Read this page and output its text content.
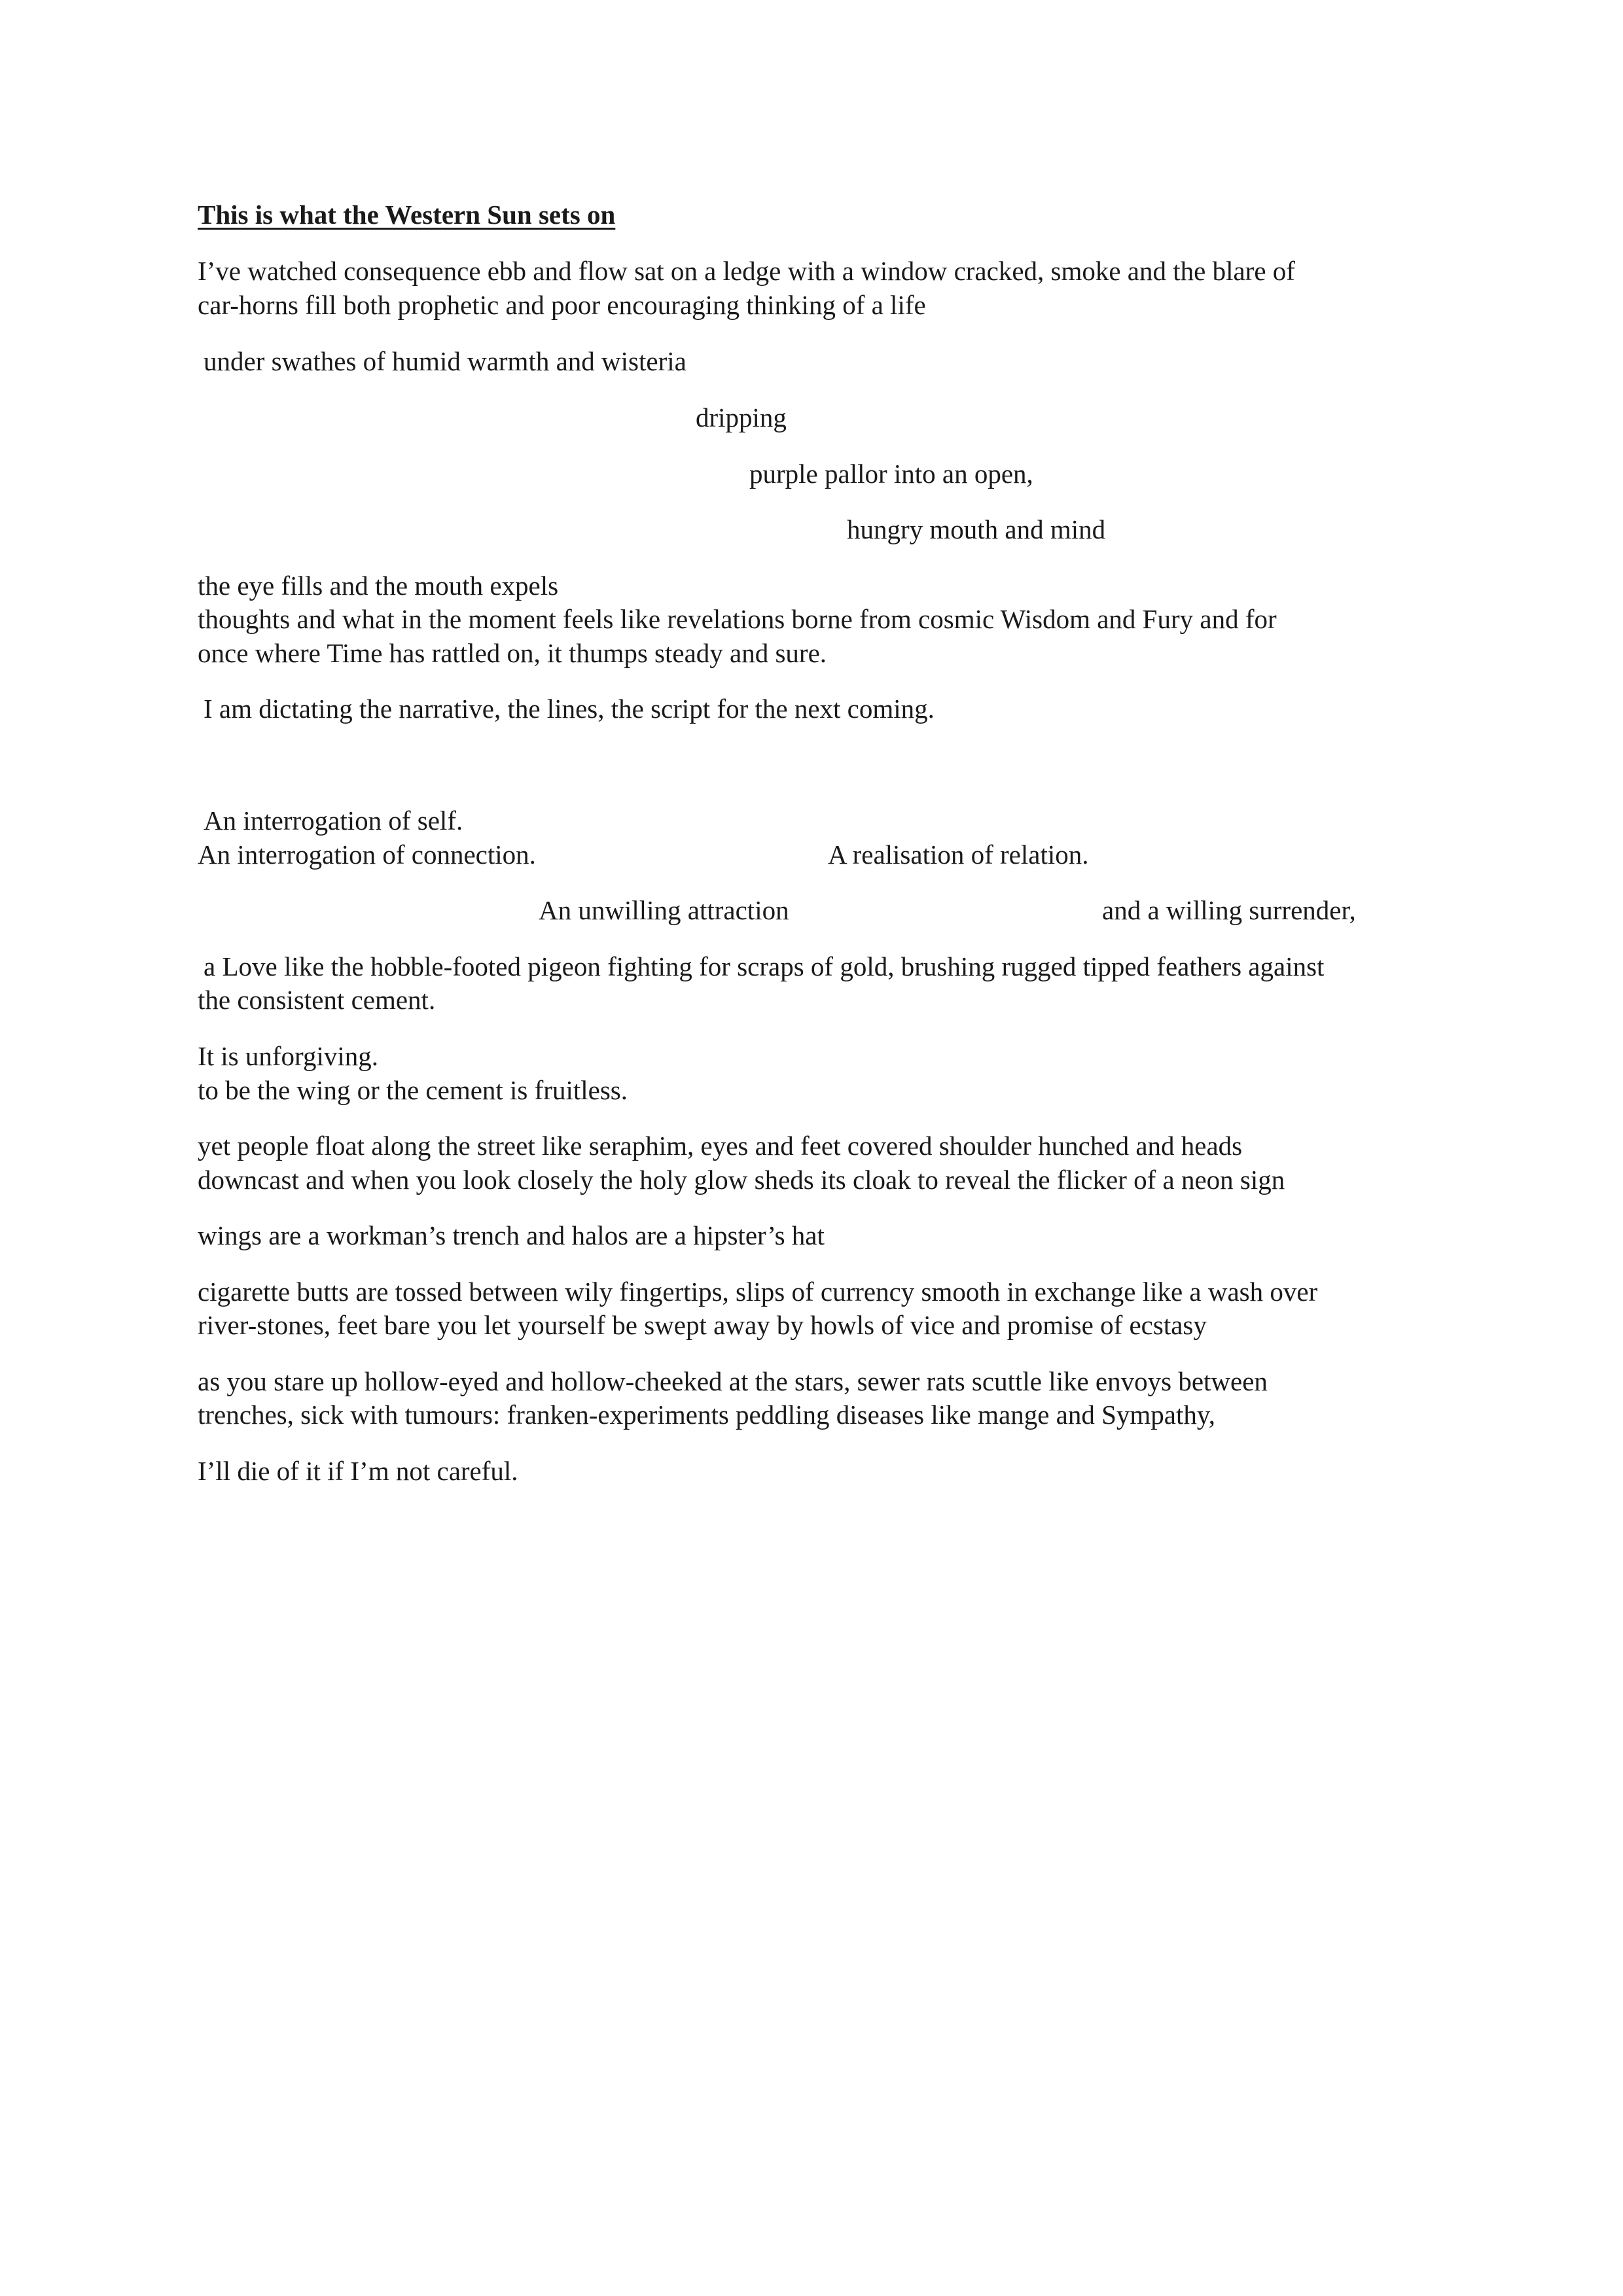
This is what the Western Sun sets on

I’ve watched consequence ebb and flow sat on a ledge with a window cracked, smoke and the blare of

car-horns fill both prophetic and poor encouraging thinking of a life

under swathes of humid warmth and wisteria

dripping

purple pallor into an open,

hungry mouth and mind

the eye fills and the mouth expels

thoughts and what in the moment feels like revelations borne from cosmic Wisdom and Fury and for

once where Time has rattled on, it thumps steady and sure.

I am dictating the narrative, the lines, the script for the next coming.

An interrogation of self.

An interrogation of connection.	A realisation of relation.

An unwilling attraction	and a willing surrender,

a Love like the hobble-footed pigeon fighting for scraps of gold, brushing rugged tipped feathers against

the consistent cement.

It is unforgiving.

to be the wing or the cement is fruitless.

yet people float along the street like seraphim, eyes and feet covered shoulder hunched and heads

downcast and when you look closely the holy glow sheds its cloak to reveal the flicker of a neon sign

wings are a workman’s trench and halos are a hipster’s hat

cigarette butts are tossed between wily fingertips, slips of currency smooth in exchange like a wash over

river-stones, feet bare you let yourself be swept away by howls of vice and promise of ecstasy

as you stare up hollow-eyed and hollow-cheeked at the stars, sewer rats scuttle like envoys between

trenches, sick with tumours: franken-experiments peddling diseases like mange and Sympathy,

I’ll die of it if I’m not careful.
